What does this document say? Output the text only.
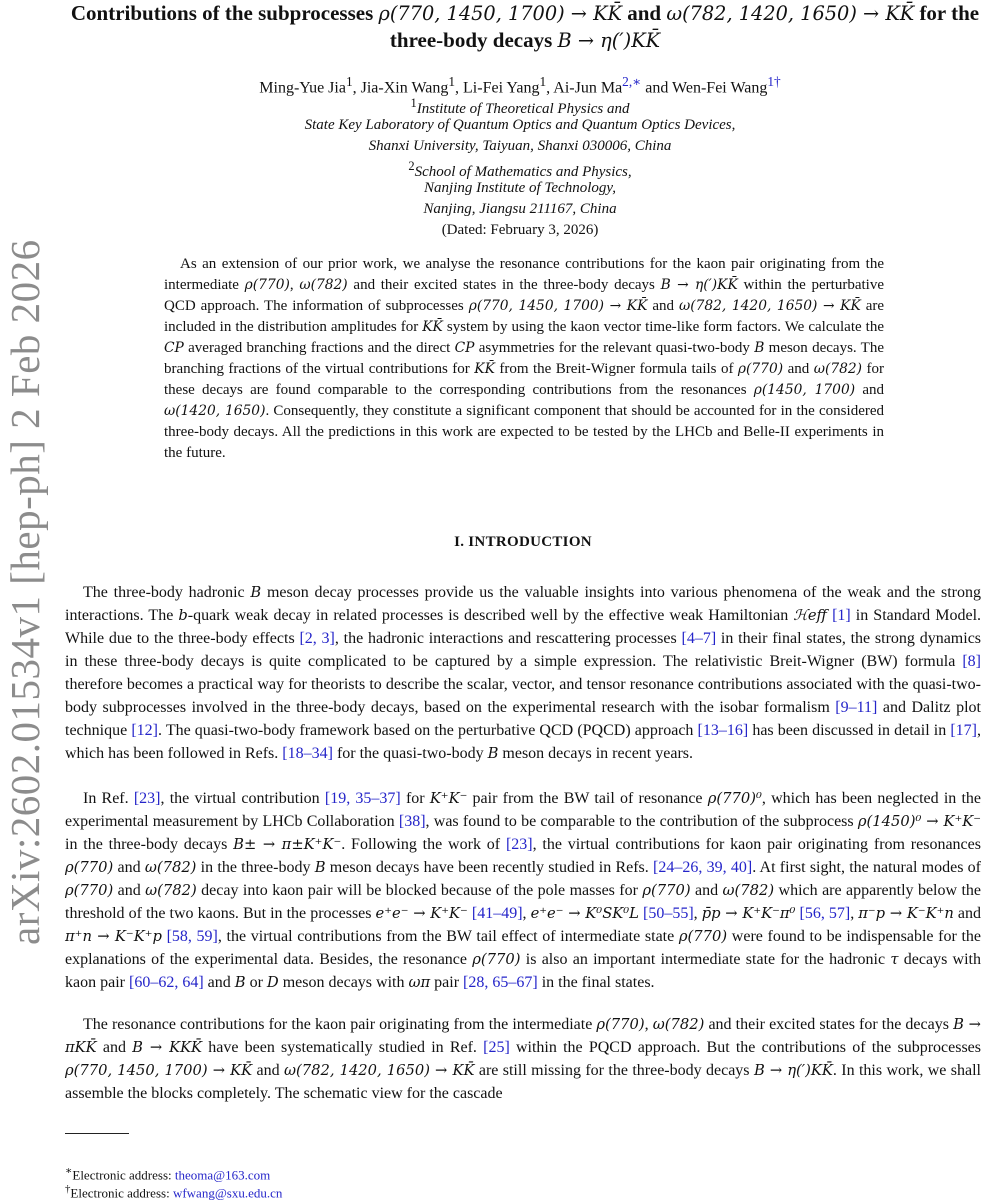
arXiv:2602.01534v1 [hep-ph] 2 Feb 2026
Contributions of the subprocesses ρ(770, 1450, 1700) → KK̄ and ω(782, 1420, 1650) → KK̄ for the
three-body decays B → η(′)KK̄
Ming-Yue Jia$^1$, Jia-Xin Wang$^1$, Li-Fei Yang$^1$, Ai-Jun Ma$^{2,∗}$ and Wen-Fei Wang$^{1\dagger}$
$^1$Institute of Theoretical Physics and
State Key Laboratory of Quantum Optics and Quantum Optics Devices,
Shanxi University, Taiyuan, Shanxi 030006, China
$^2$School of Mathematics and Physics,
Nanjing Institute of Technology,
Nanjing, Jiangsu 211167, China
(Dated: February 3, 2026)
As an extension of our prior work, we analyse the resonance contributions for the kaon pair originating from the intermediate ρ(770), ω(782) and their excited states in the three-body decays B → η(′)KK̄ within the perturbative QCD approach. The information of subprocesses ρ(770, 1450, 1700) → KK̄ and ω(782, 1420, 1650) → KK̄ are included in the distribution amplitudes for KK̄ system by using the kaon vector time-like form factors. We calculate the CP averaged branching fractions and the direct CP asymmetries for the relevant quasi-two-body B meson decays. The branching fractions of the virtual contributions for KK̄ from the Breit-Wigner formula tails of ρ(770) and ω(782) for these decays are found comparable to the corresponding contributions from the resonances ρ(1450, 1700) and ω(1420, 1650). Consequently, they constitute a significant component that should be accounted for in the considered three-body decays. All the predictions in this work are expected to be tested by the LHCb and Belle-II experiments in the future.
I. INTRODUCTION
The three-body hadronic B meson decay processes provide us the valuable insights into various phenomena of the weak and the strong interactions. The b-quark weak decay in related processes is described well by the effective weak Hamiltonian ℋeff [1] in Standard Model. While due to the three-body effects [2, 3], the hadronic interactions and rescattering processes [4–7] in their final states, the strong dynamics in these three-body decays is quite complicated to be captured by a simple expression. The relativistic Breit-Wigner (BW) formula [8] therefore becomes a practical way for theorists to describe the scalar, vector, and tensor resonance contributions associated with the quasi-two-body subprocesses involved in the three-body decays, based on the experimental research with the isobar formalism [9–11] and Dalitz plot technique [12]. The quasi-two-body framework based on the perturbative QCD (PQCD) approach [13–16] has been discussed in detail in [17], which has been followed in Refs. [18–34] for the quasi-two-body B meson decays in recent years.
In Ref. [23], the virtual contribution [19, 35–37] for K⁺K⁻ pair from the BW tail of resonance ρ(770)⁰, which has been neglected in the experimental measurement by LHCb Collaboration [38], was found to be comparable to the contribution of the subprocess ρ(1450)⁰ → K⁺K⁻ in the three-body decays B± → π±K⁺K⁻. Following the work of [23], the virtual contributions for kaon pair originating from resonances ρ(770) and ω(782) in the three-body B meson decays have been recently studied in Refs. [24–26, 39, 40]. At first sight, the natural modes of ρ(770) and ω(782) decay into kaon pair will be blocked because of the pole masses for ρ(770) and ω(782) which are apparently below the threshold of the two kaons. But in the processes e⁺e⁻ → K⁺K⁻ [41–49], e⁺e⁻ → K⁰SK⁰L [50–55], p̄p → K⁺K⁻π⁰ [56, 57], π⁻p → K⁻K⁺n and π⁺n → K⁻K⁺p [58, 59], the virtual contributions from the BW tail effect of intermediate state ρ(770) were found to be indispensable for the explanations of the experimental data. Besides, the resonance ρ(770) is also an important intermediate state for the hadronic τ decays with kaon pair [60–62, 64] and B or D meson decays with ωπ pair [28, 65–67] in the final states.
The resonance contributions for the kaon pair originating from the intermediate ρ(770), ω(782) and their excited states for the decays B → πKK̄ and B → KKK̄ have been systematically studied in Ref. [25] within the PQCD approach. But the contributions of the subprocesses ρ(770, 1450, 1700) → KK̄ and ω(782, 1420, 1650) → KK̄ are still missing for the three-body decays B → η(′)KK̄. In this work, we shall assemble the blocks completely. The schematic view for the cascade
∗Electronic address: theoma@163.com
†Electronic address: wfwang@sxu.edu.cn
